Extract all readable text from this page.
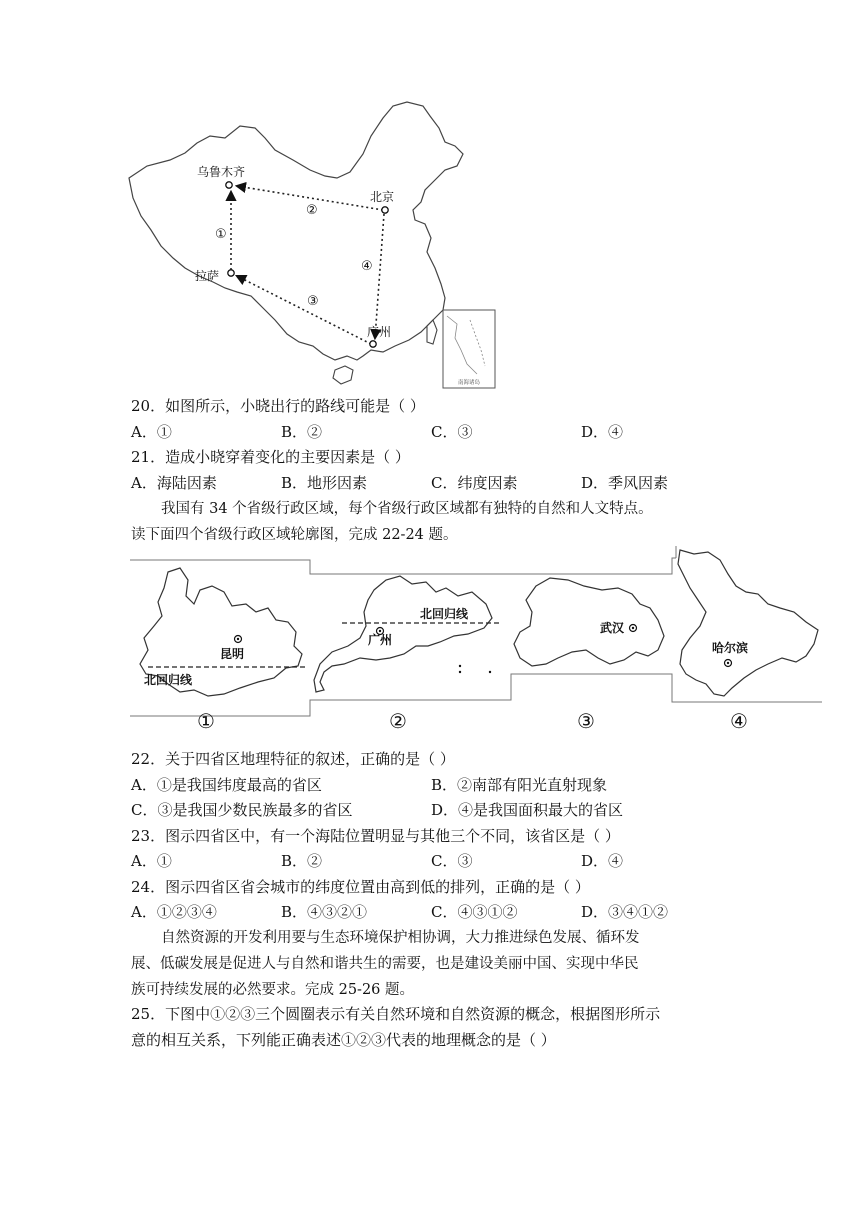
南海诸岛
乌鲁木齐
北京
拉萨
广州
①
②
③
④
20．如图所示，小晓出行的路线可能是（ ）
A．①	B．②	C．③	D．④
21．造成小晓穿着变化的主要因素是（ ）
A．海陆因素	B．地形因素	C．纬度因素	D．季风因素
我国有 34 个省级行政区域，每个省级行政区域都有独特的自然和人文特点。
读下面四个省级行政区域轮廓图，完成 22-24 题。
昆明
北回归线
①
广州
北回归线
②
武汉
③
哈尔滨
④
22．关于四省区地理特征的叙述，正确的是（ ）
A．①是我国纬度最高的省区	B．②南部有阳光直射现象
C．③是我国少数民族最多的省区	D．④是我国面积最大的省区
23．图示四省区中，有一个海陆位置明显与其他三个不同，该省区是（ ）
A．①	B．②	C．③	D．④
24．图示四省区省会城市的纬度位置由高到低的排列，正确的是（ ）
A．①②③④	B．④③②①	C．④③①②	D．③④①②
自然资源的开发利用要与生态环境保护相协调，大力推进绿色发展、循环发
展、低碳发展是促进人与自然和谐共生的需要，也是建设美丽中国、实现中华民
族可持续发展的必然要求。完成 25-26 题。
25．下图中①②③三个圆圈表示有关自然环境和自然资源的概念，根据图形所示
意的相互关系，下列能正确表述①②③代表的地理概念的是（ ）
